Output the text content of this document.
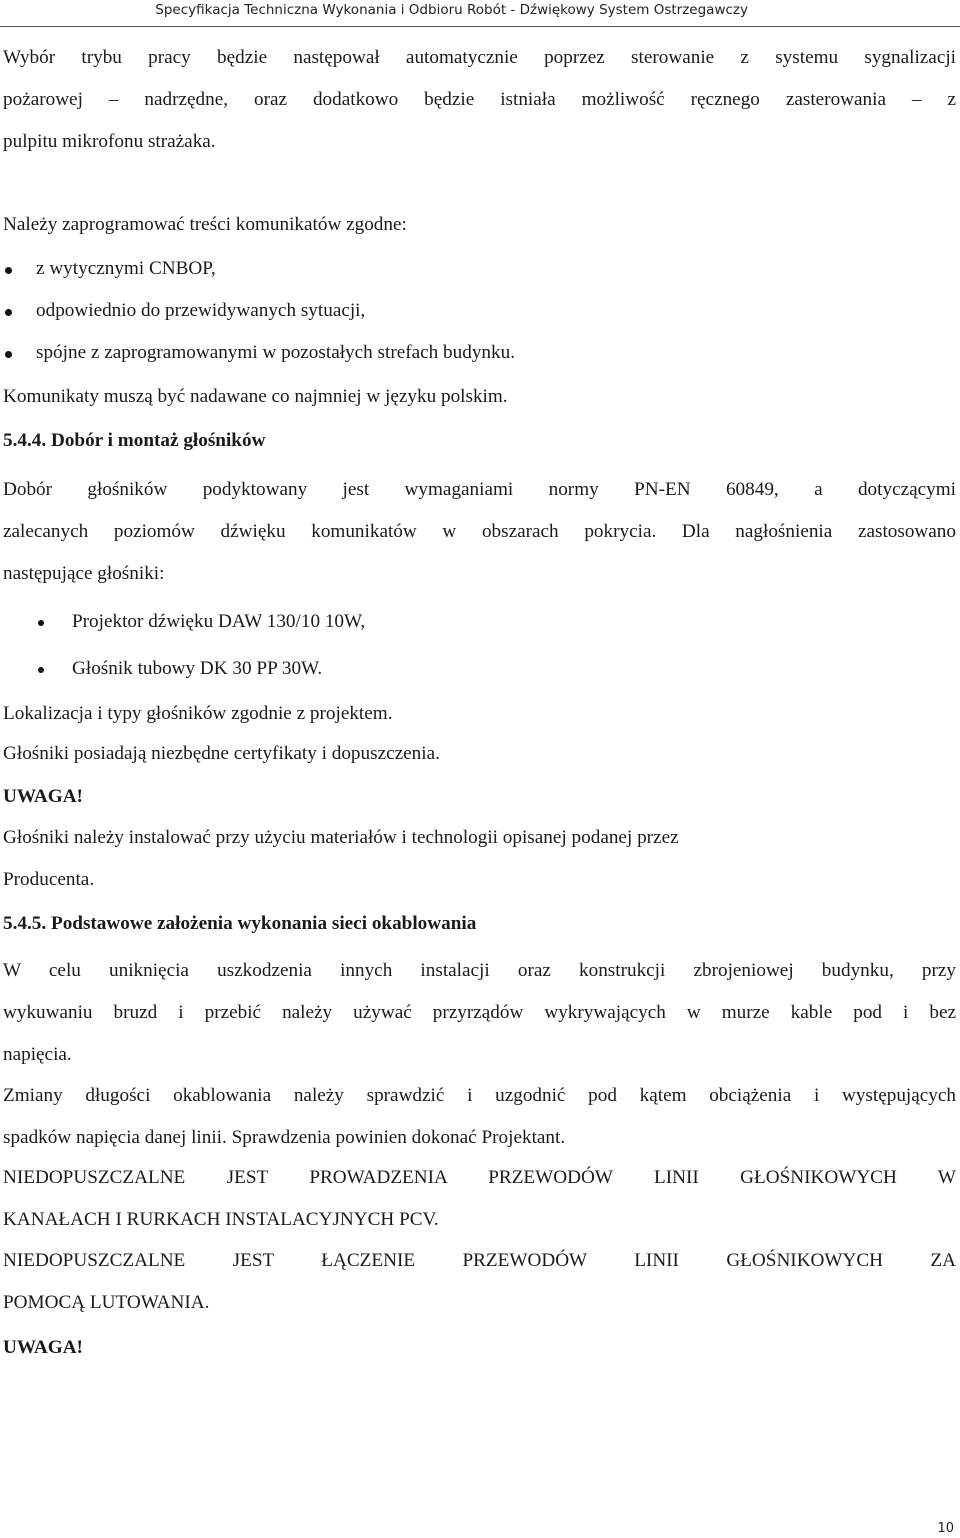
Specyfikacja Techniczna Wykonania i Odbioru Robót - Dźwiękowy System Ostrzegawczy
Wybór trybu pracy będzie następował automatycznie poprzez sterowanie z systemu sygnalizacji
pożarowej – nadrzędne, oraz dodatkowo będzie istniała możliwość ręcznego zasterowania – z
pulpitu mikrofonu strażaka.
Należy zaprogramować treści komunikatów zgodne:
z wytycznymi CNBOP,
odpowiednio do przewidywanych sytuacji,
spójne z zaprogramowanymi w pozostałych strefach budynku.
Komunikaty muszą być nadawane co najmniej w języku polskim.
5.4.4. Dobór i montaż głośników
Dobór głośników podyktowany jest wymaganiami normy PN-EN 60849, a dotyczącymi
zalecanych poziomów dźwięku komunikatów w obszarach pokrycia. Dla nagłośnienia zastosowano
następujące głośniki:
Projektor dźwięku DAW 130/10 10W,
Głośnik tubowy DK 30 PP 30W.
Lokalizacja i typy głośników zgodnie z projektem.
Głośniki posiadają niezbędne certyfikaty i dopuszczenia.
UWAGA!
Głośniki należy instalować przy użyciu materiałów i technologii opisanej podanej przez
Producenta.
5.4.5. Podstawowe założenia wykonania sieci okablowania
W celu uniknięcia uszkodzenia innych instalacji oraz konstrukcji zbrojeniowej budynku, przy
wykuwaniu bruzd i przebić należy używać przyrządów wykrywających w murze kable pod i bez
napięcia.
Zmiany długości okablowania należy sprawdzić i uzgodnić pod kątem obciążenia i występujących
spadków napięcia danej linii. Sprawdzenia powinien dokonać Projektant.
NIEDOPUSZCZALNE JEST PROWADZENIA PRZEWODÓW LINII GŁOŚNIKOWYCH W
KANAŁACH I RURKACH INSTALACYJNYCH PCV.
NIEDOPUSZCZALNE JEST ŁĄCZENIE PRZEWODÓW LINII GŁOŚNIKOWYCH ZA
POMOCĄ LUTOWANIA.
UWAGA!
10
